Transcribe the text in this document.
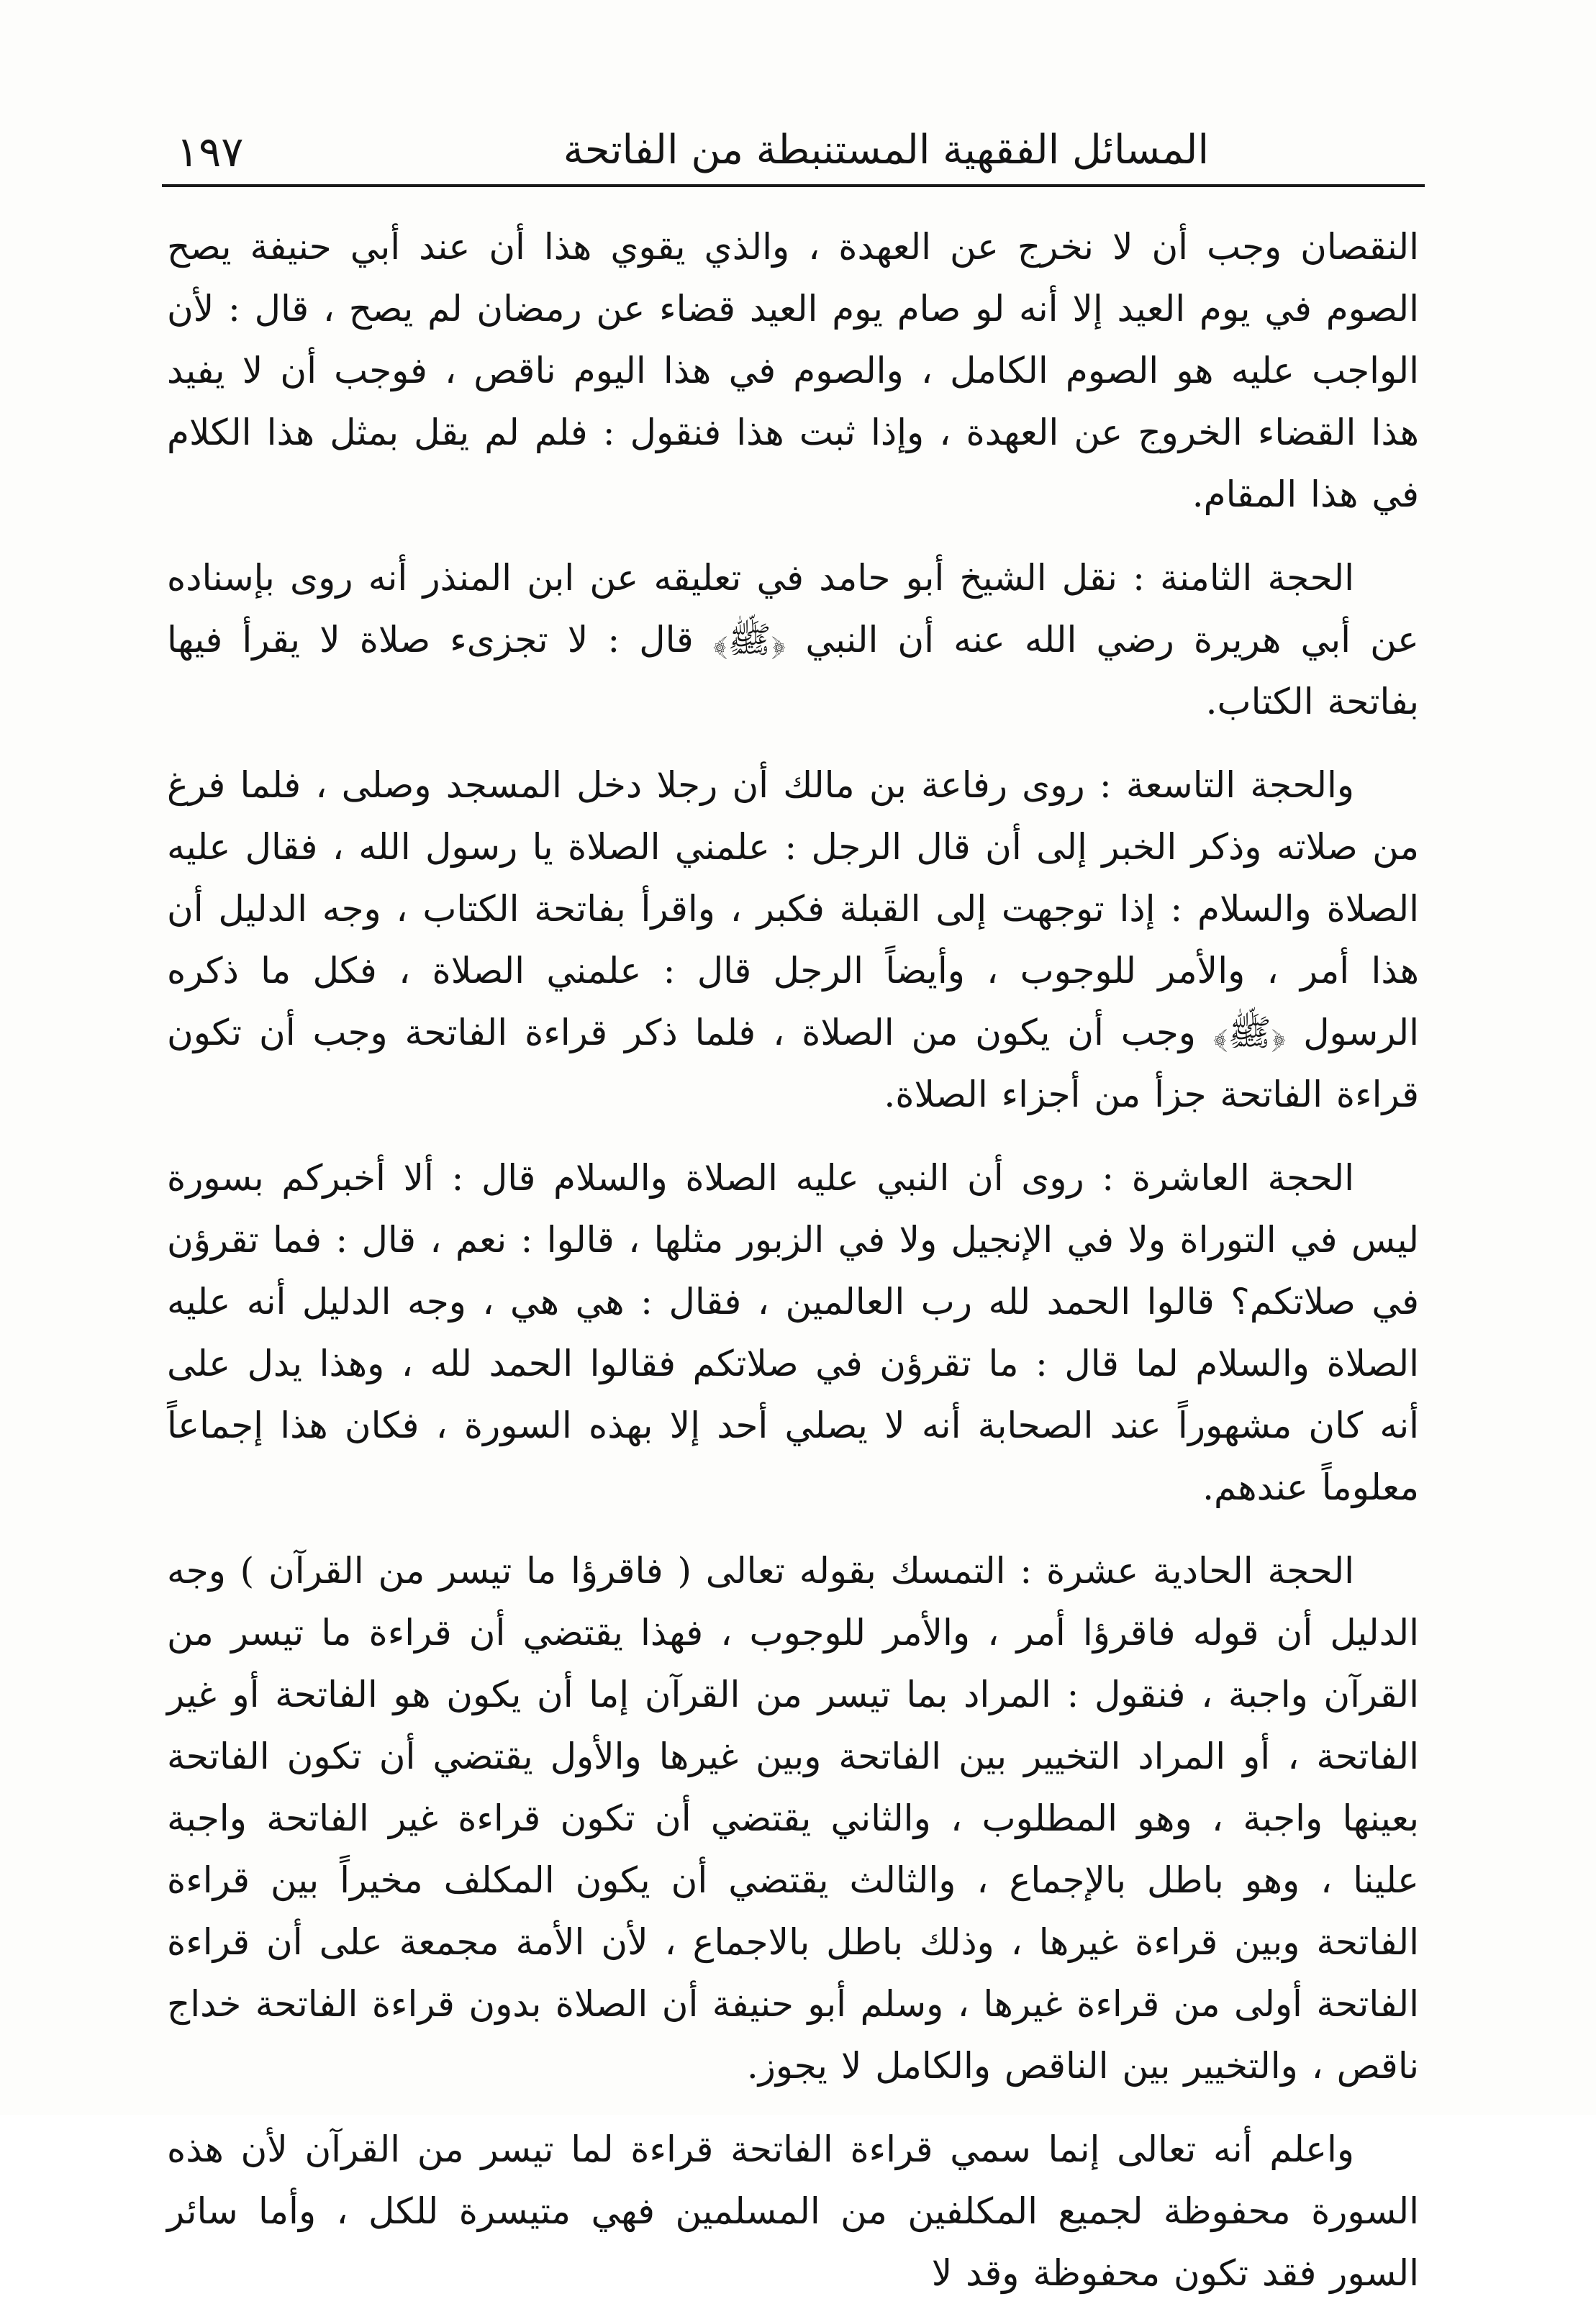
المسائل الفقهية المستنبطة من الفاتحة
١٩٧

النقصان وجب أن لا نخرج عن العهدة ، والذي يقوي هذا أن عند أبي حنيفة يصح الصوم في يوم العيد إلا أنه لو صام يوم العيد قضاء عن رمضان لم يصح ، قال : لأن الواجب عليه هو الصوم الكامل ، والصوم في هذا اليوم ناقص ، فوجب أن لا يفيد هذا القضاء الخروج عن العهدة ، وإذا ثبت هذا فنقول : فلم لم يقل بمثل هذا الكلام في هذا المقام.

الحجة الثامنة : نقل الشيخ أبو حامد في تعليقه عن ابن المنذر أنه روى بإسناده عن أبي هريرة رضي الله عنه أن النبي ﴿ﷺ﴾ قال : لا تجزىء صلاة لا يقرأ فيها بفاتحة الكتاب.

والحجة التاسعة : روى رفاعة بن مالك أن رجلا دخل المسجد وصلى ، فلما فرغ من صلاته وذكر الخبر إلى أن قال الرجل : علمني الصلاة يا رسول الله ، فقال عليه الصلاة والسلام : إذا توجهت إلى القبلة فكبر ، واقرأ بفاتحة الكتاب ، وجه الدليل أن هذا أمر ، والأمر للوجوب ، وأيضاً الرجل قال : علمني الصلاة ، فكل ما ذكره الرسول ﴿ﷺ﴾ وجب أن يكون من الصلاة ، فلما ذكر قراءة الفاتحة وجب أن تكون قراءة الفاتحة جزأ من أجزاء الصلاة.

الحجة العاشرة : روى أن النبي عليه الصلاة والسلام قال : ألا أخبركم بسورة ليس في التوراة ولا في الإنجيل ولا في الزبور مثلها ، قالوا : نعم ، قال : فما تقرؤن في صلاتكم؟ قالوا الحمد لله رب العالمين ، فقال : هي هي ، وجه الدليل أنه عليه الصلاة والسلام لما قال : ما تقرؤن في صلاتكم فقالوا الحمد لله ، وهذا يدل على أنه كان مشهوراً عند الصحابة أنه لا يصلي أحد إلا بهذه السورة ، فكان هذا إجماعاً معلوماً عندهم.

الحجة الحادية عشرة : التمسك بقوله تعالى ( فاقرؤا ما تيسر من القرآن ) وجه الدليل أن قوله فاقرؤا أمر ، والأمر للوجوب ، فهذا يقتضي أن قراءة ما تيسر من القرآن واجبة ، فنقول : المراد بما تيسر من القرآن إما أن يكون هو الفاتحة أو غير الفاتحة ، أو المراد التخيير بين الفاتحة وبين غيرها والأول يقتضي أن تكون الفاتحة بعينها واجبة ، وهو المطلوب ، والثاني يقتضي أن تكون قراءة غير الفاتحة واجبة علينا ، وهو باطل بالإجماع ، والثالث يقتضي أن يكون المكلف مخيراً بين قراءة الفاتحة وبين قراءة غيرها ، وذلك باطل بالاجماع ، لأن الأمة مجمعة على أن قراءة الفاتحة أولى من قراءة غيرها ، وسلم أبو حنيفة أن الصلاة بدون قراءة الفاتحة خداج ناقص ، والتخيير بين الناقص والكامل لا يجوز.

واعلم أنه تعالى إنما سمي قراءة الفاتحة قراءة لما تيسر من القرآن لأن هذه السورة محفوظة لجميع المكلفين من المسلمين فهي متيسرة للكل ، وأما سائر السور فقد تكون محفوظة وقد لا
